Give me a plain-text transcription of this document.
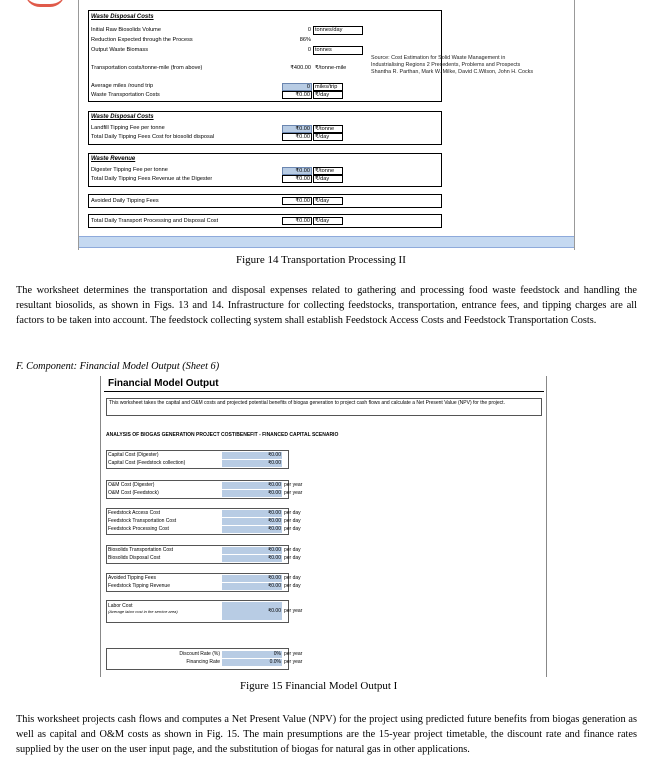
Waste Disposal Costs
Initial Raw Biosolids Volume	0 tonnes/day
Reduction Expected through the Process	86%
Output Waste Biomass	0 tonnes
Transportation costs/tonne-mile (from above)	₹400.00 ₹/tonne-mile
Source: Cost Estimation for Solid Waste Management in
Industrialising Regions 2 Precedents, Problems and Prospects
Shantha R. Parthan, Mark W. Milke, David C.Wilson, John H. Cocks
Average miles /round trip	0 miles/trip
Waste Transportation Costs	₹0.00 ₹/day
Waste Disposal Costs
Landfill Tipping Fee per tonne	₹0.00 ₹/tonne
Total Daily Tipping Fees Cost for biosolid disposal	₹0.00 ₹/day
Waste Revenue
Digester Tipping Fee per tonne	₹0.00 ₹/tonne
Total Daily Tipping Fees Revenue at the Digester	₹0.00 ₹/day
Avoided Daily Tipping Fees	₹0.00 ₹/day
Total Daily Transport Processing and Disposal Cost	₹0.00 ₹/day
Figure 14 Transportation Processing II
The worksheet determines the transportation and disposal expenses related to gathering and processing food waste feedstock and handling the resultant biosolids, as shown in Figs. 13 and 14. Infrastructure for collecting feedstocks, transportation, entrance fees, and tipping charges are all factors to be taken into account. The feedstock collecting system shall establish Feedstock Access Costs and Feedstock Transportation Costs.
F. Component: Financial Model Output (Sheet 6)
Financial Model Output
This worksheet takes the capital and O&M costs and projected potential benefits of biogas generation to project cash flows and calculate a Net Present Value (NPV) for the project.
ANALYSIS OF BIOGAS GENERATION PROJECT COST/BENEFIT - FINANCED CAPITAL SCENARIO
Capital Cost (Digester)	₹0.00
Capital Cost (Feedstock collection)	₹0.00
O&M Cost (Digester)	₹0.00 per year
O&M Cost (Feedstock)	₹0.00 per year
Feedstock Access Cost	₹0.00 per day
Feedstock Transportation Cost	₹0.00 per day
Feedstock Processing Cost	₹0.00 per day
Biosolids Transportation Cost	₹0.00 per day
Biosolids Disposal Cost	₹0.00 per day
Avoided Tipping Fees	₹0.00 per day
Feedstock Tipping Revenue	₹0.00 per day
Labor Cost
(Average labor cost in the service area)	₹0.00 per year
Discount Rate (%)	0% per year
Financing Rate	0.0% per year
Figure 15 Financial Model Output I
This worksheet projects cash flows and computes a Net Present Value (NPV) for the project using predicted future benefits from biogas generation as well as capital and O&M costs as shown in Fig. 15. The main presumptions are the 15-year project timetable, the discount rate and finance rates supplied by the user on the user input page, and the substitution of biogas for natural gas in other applications.
